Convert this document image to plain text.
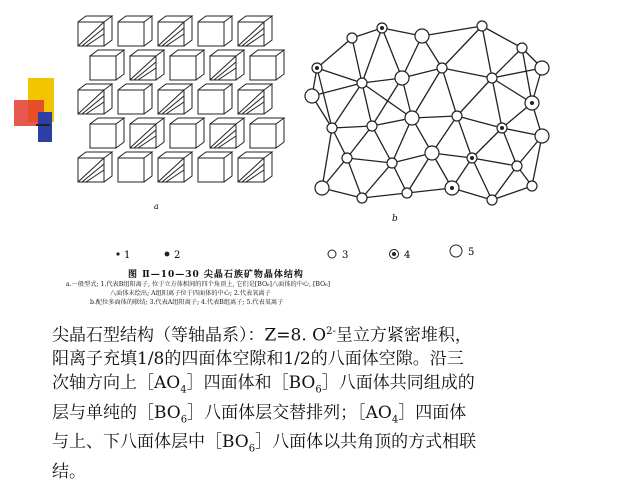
a
b
1	2	3	4	5
图 Ⅱ—10—30 尖晶石族矿物晶体结构
a.一般型式; 1.代表B组阳离子, 位于立方体相间的四个角顶上, 它们是[BO₆]八面体的中心, [BO₆]
八面体未绘出; A组阳离子位于四面体的中心; 2.代表氧离子
b.配位多面体的联结; 3.代表A组阳离子; 4.代表B组离子; 5.代表氧离子
尖晶石型结构（等轴晶系）：Z=8. $O^{2-}$呈立方紧密堆积，
阳离子充填1/8的四面体空隙和1/2的八面体空隙。沿三
次轴方向上$[AO_4]$四面体和$[BO_6]$八面体共同组成的
层与单纯的$[BO_6]$八面体层交替排列；$[AO_4]$四面体
与上、下八面体层中$[BO_6]$八面体以共角顶的方式相联
结。
